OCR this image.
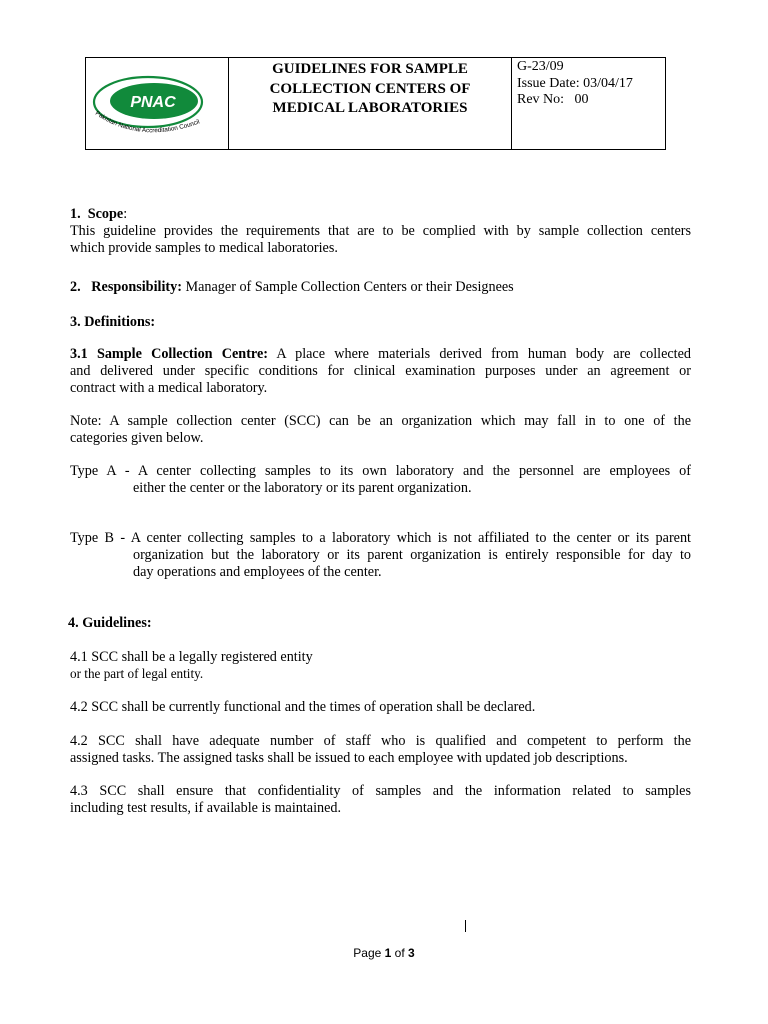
PNAC
Pakistan National Accreditation Council
GUIDELINES FOR SAMPLE
COLLECTION CENTERS OF
MEDICAL LABORATORIES
G-23/09
Issue Date: 03/04/17
Rev No:   00
1.  Scope:
This guideline provides the requirements that are to be complied with by sample collection centers
which provide samples to medical laboratories.
2.   Responsibility: Manager of Sample Collection Centers or their Designees
3. Definitions:
3.1 Sample Collection Centre: A place where materials derived from human body are collected
and delivered under specific conditions for clinical examination purposes under an agreement or
contract with a medical laboratory.
Note: A sample collection center (SCC) can be an organization which may fall in to one of the
categories given below.
Type A - A center collecting samples to its own laboratory and the personnel are employees of
either the center or the laboratory or its parent organization.
Type B - A center collecting samples to a laboratory which is not affiliated to the center or its parent
organization but the laboratory or its parent organization is entirely responsible for day to
day operations and employees of the center.
4. Guidelines:
4.1 SCC shall be a legally registered entity
or the part of legal entity.
4.2 SCC shall be currently functional and the times of operation shall be declared.
4.2 SCC shall have adequate number of staff who is qualified and competent to perform the
assigned tasks. The assigned tasks shall be issued to each employee with updated job descriptions.
4.3 SCC shall ensure that confidentiality of samples and the information related to samples
including test results, if available is maintained.
Page 1 of 3
